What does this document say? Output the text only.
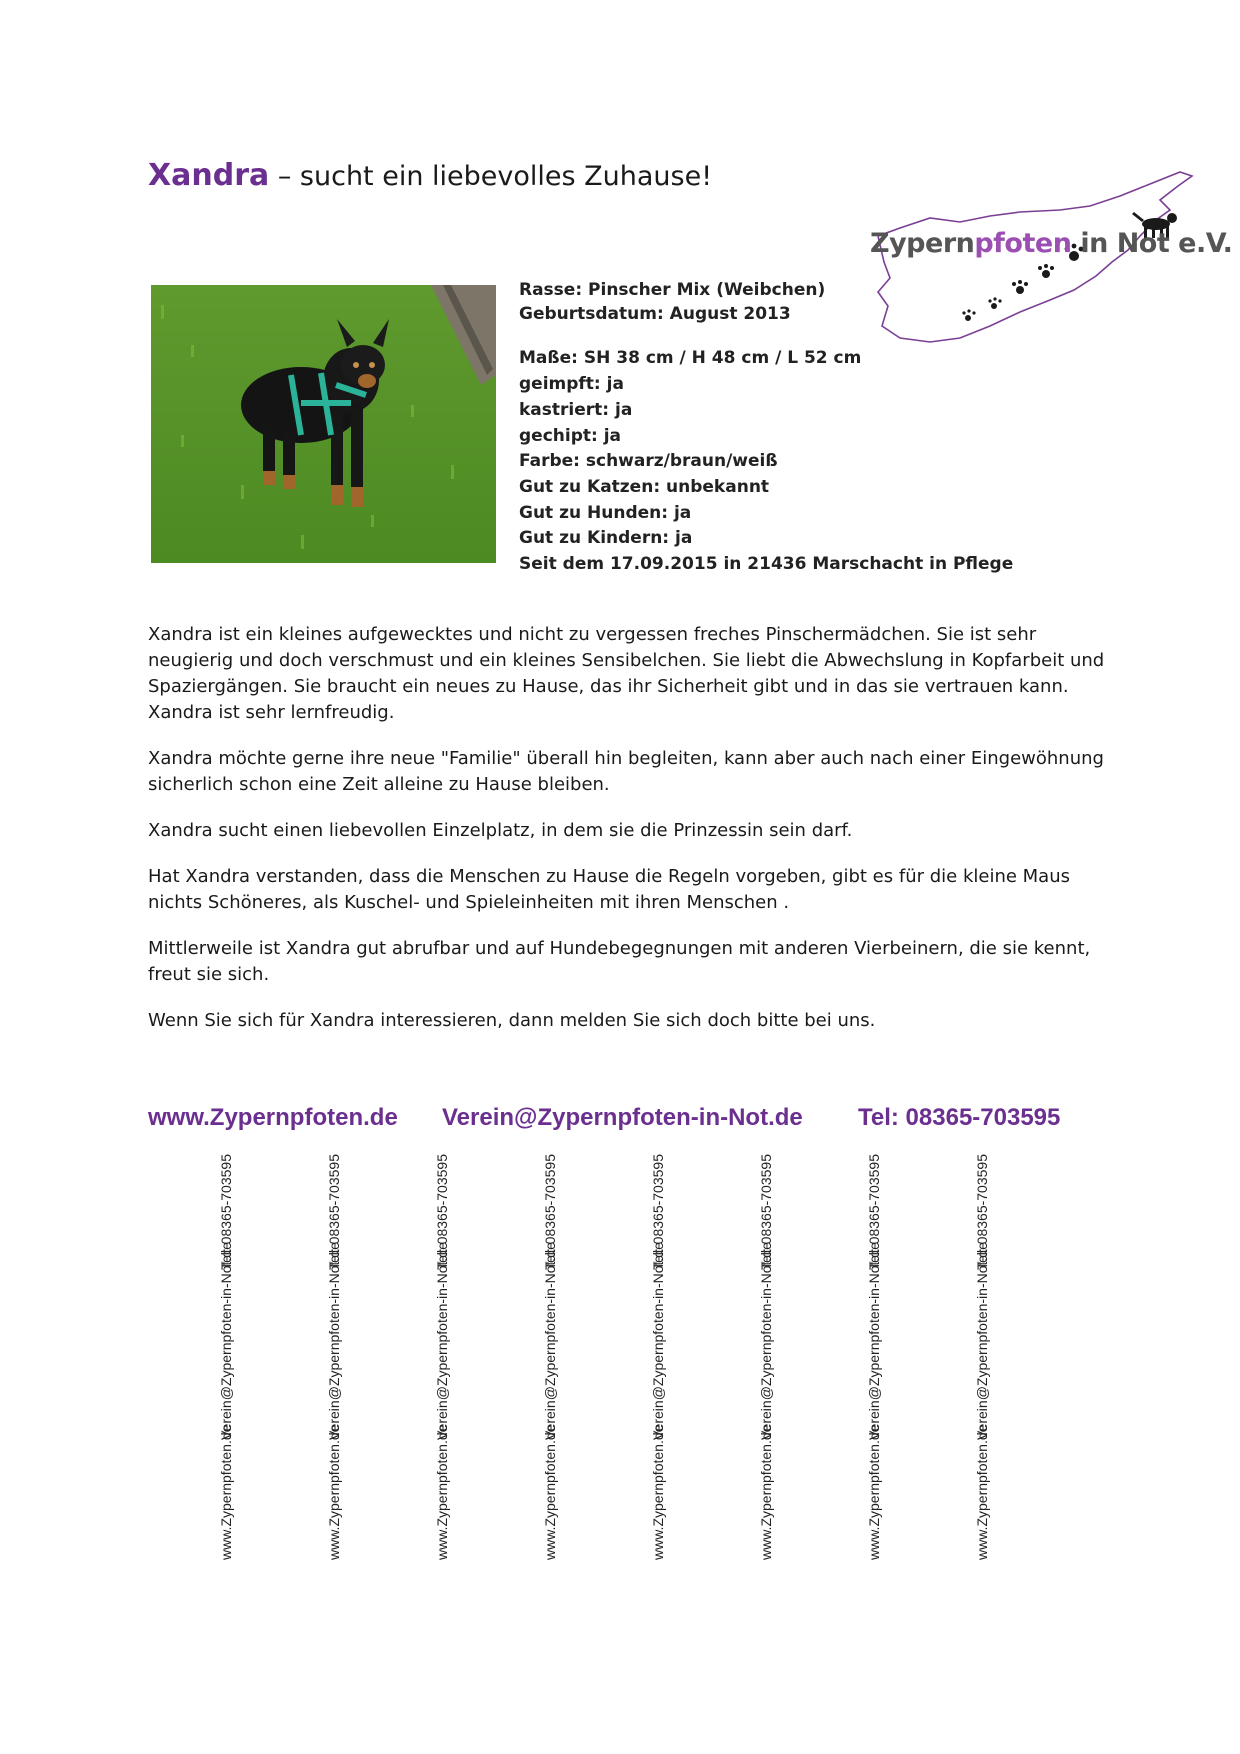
Xandra – sucht ein liebevolles Zuhause!
Zypernpfoten in Not e.V.
Rasse: Pinscher Mix (Weibchen)
Geburtsdatum: August 2013
Maße: SH 38 cm / H 48 cm / L 52 cm
geimpft: ja
kastriert: ja
gechipt: ja
Farbe: schwarz/braun/weiß
Gut zu Katzen: unbekannt
Gut zu Hunden: ja
Gut zu Kindern: ja
Seit dem 17.09.2015 in 21436 Marschacht in Pflege

Xandra ist ein kleines aufgewecktes und nicht zu vergessen freches Pinschermädchen. Sie ist sehr neugierig und doch verschmust und ein kleines Sensibelchen. Sie liebt die Abwechslung in Kopfarbeit und Spaziergängen. Sie braucht ein neues zu Hause, das ihr Sicherheit gibt und in das sie vertrauen kann. Xandra ist sehr lernfreudig.

Xandra möchte gerne ihre neue "Familie" überall hin begleiten, kann aber auch nach einer Eingewöhnung sicherlich schon eine Zeit alleine zu Hause bleiben.

Xandra sucht einen liebevollen Einzelplatz, in dem sie die Prinzessin sein darf.

Hat Xandra verstanden, dass die Menschen zu Hause die Regeln vorgeben, gibt es für die kleine Maus nichts Schöneres, als Kuschel- und Spieleinheiten mit ihren Menschen .

Mittlerweile ist Xandra gut abrufbar und auf Hundebegegnungen mit anderen Vierbeinern, die sie kennt, freut sie sich.

Wenn Sie sich für Xandra interessieren, dann melden Sie sich doch bitte bei uns.

www.Zypernpfoten.de Verein@Zypernpfoten-in-Not.de Tel: 08365-703595
Tel: 08365-703595
Verein@Zypernpfoten-in-Not.de
www.Zypernpfoten.de
Tel: 08365-703595
Verein@Zypernpfoten-in-Not.de
www.Zypernpfoten.de
Tel: 08365-703595
Verein@Zypernpfoten-in-Not.de
www.Zypernpfoten.de
Tel: 08365-703595
Verein@Zypernpfoten-in-Not.de
www.Zypernpfoten.de
Tel: 08365-703595
Verein@Zypernpfoten-in-Not.de
www.Zypernpfoten.de
Tel: 08365-703595
Verein@Zypernpfoten-in-Not.de
www.Zypernpfoten.de
Tel: 08365-703595
Verein@Zypernpfoten-in-Not.de
www.Zypernpfoten.de
Tel: 08365-703595
Verein@Zypernpfoten-in-Not.de
www.Zypernpfoten.de
